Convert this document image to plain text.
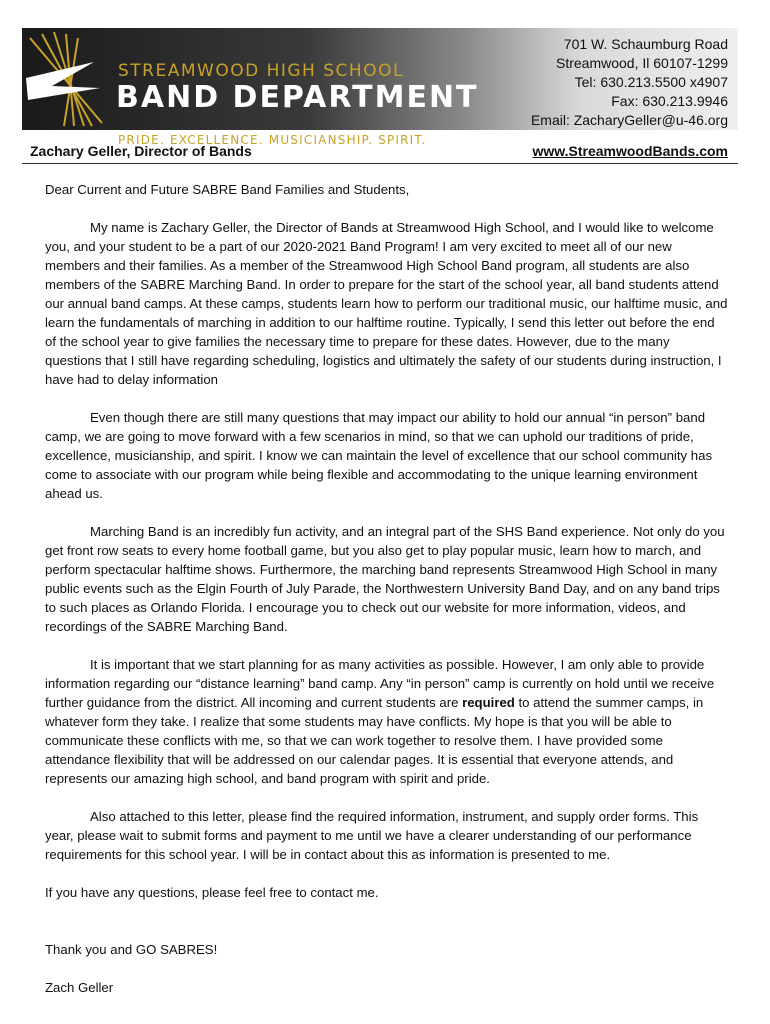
STREAMWOOD HIGH SCHOOL
BAND DEPARTMENT
PRIDE. EXCELLENCE. MUSICIANSHIP. SPIRIT.
701 W. Schaumburg Road
Streamwood, Il 60107-1299
Tel: 630.213.5500 x4907
Fax: 630.213.9946
Email: ZacharyGeller@u-46.org
Zachary Geller, Director of Bands	www.StreamwoodBands.com

Dear Current and Future SABRE Band Families and Students,

My name is Zachary Geller, the Director of Bands at Streamwood High School, and I would like to welcome you, and your student to be a part of our 2020-2021 Band Program! I am very excited to meet all of our new members and their families. As a member of the Streamwood High School Band program, all students are also members of the SABRE Marching Band. In order to prepare for the start of the school year, all band students attend our annual band camps. At these camps, students learn how to perform our traditional music, our halftime music, and learn the fundamentals of marching in addition to our halftime routine. Typically, I send this letter out before the end of the school year to give families the necessary time to prepare for these dates. However, due to the many questions that I still have regarding scheduling, logistics and ultimately the safety of our students during instruction, I have had to delay information

Even though there are still many questions that may impact our ability to hold our annual “in person” band camp, we are going to move forward with a few scenarios in mind, so that we can uphold our traditions of pride, excellence, musicianship, and spirit. I know we can maintain the level of excellence that our school community has come to associate with our program while being flexible and accommodating to the unique learning environment ahead us.

Marching Band is an incredibly fun activity, and an integral part of the SHS Band experience. Not only do you get front row seats to every home football game, but you also get to play popular music, learn how to march, and perform spectacular halftime shows. Furthermore, the marching band represents Streamwood High School in many public events such as the Elgin Fourth of July Parade, the Northwestern University Band Day, and on any band trips to such places as Orlando Florida. I encourage you to check out our website for more information, videos, and recordings of the SABRE Marching Band.

It is important that we start planning for as many activities as possible. However, I am only able to provide information regarding our “distance learning” band camp. Any “in person” camp is currently on hold until we receive further guidance from the district. All incoming and current students are required to attend the summer camps, in whatever form they take. I realize that some students may have conflicts. My hope is that you will be able to communicate these conflicts with me, so that we can work together to resolve them. I have provided some attendance flexibility that will be addressed on our calendar pages. It is essential that everyone attends, and represents our amazing high school, and band program with spirit and pride.

Also attached to this letter, please find the required information, instrument, and supply order forms. This year, please wait to submit forms and payment to me until we have a clearer understanding of our performance requirements for this school year. I will be in contact about this as information is presented to me.

If you have any questions, please feel free to contact me.

Thank you and GO SABRES!

Zach Geller
